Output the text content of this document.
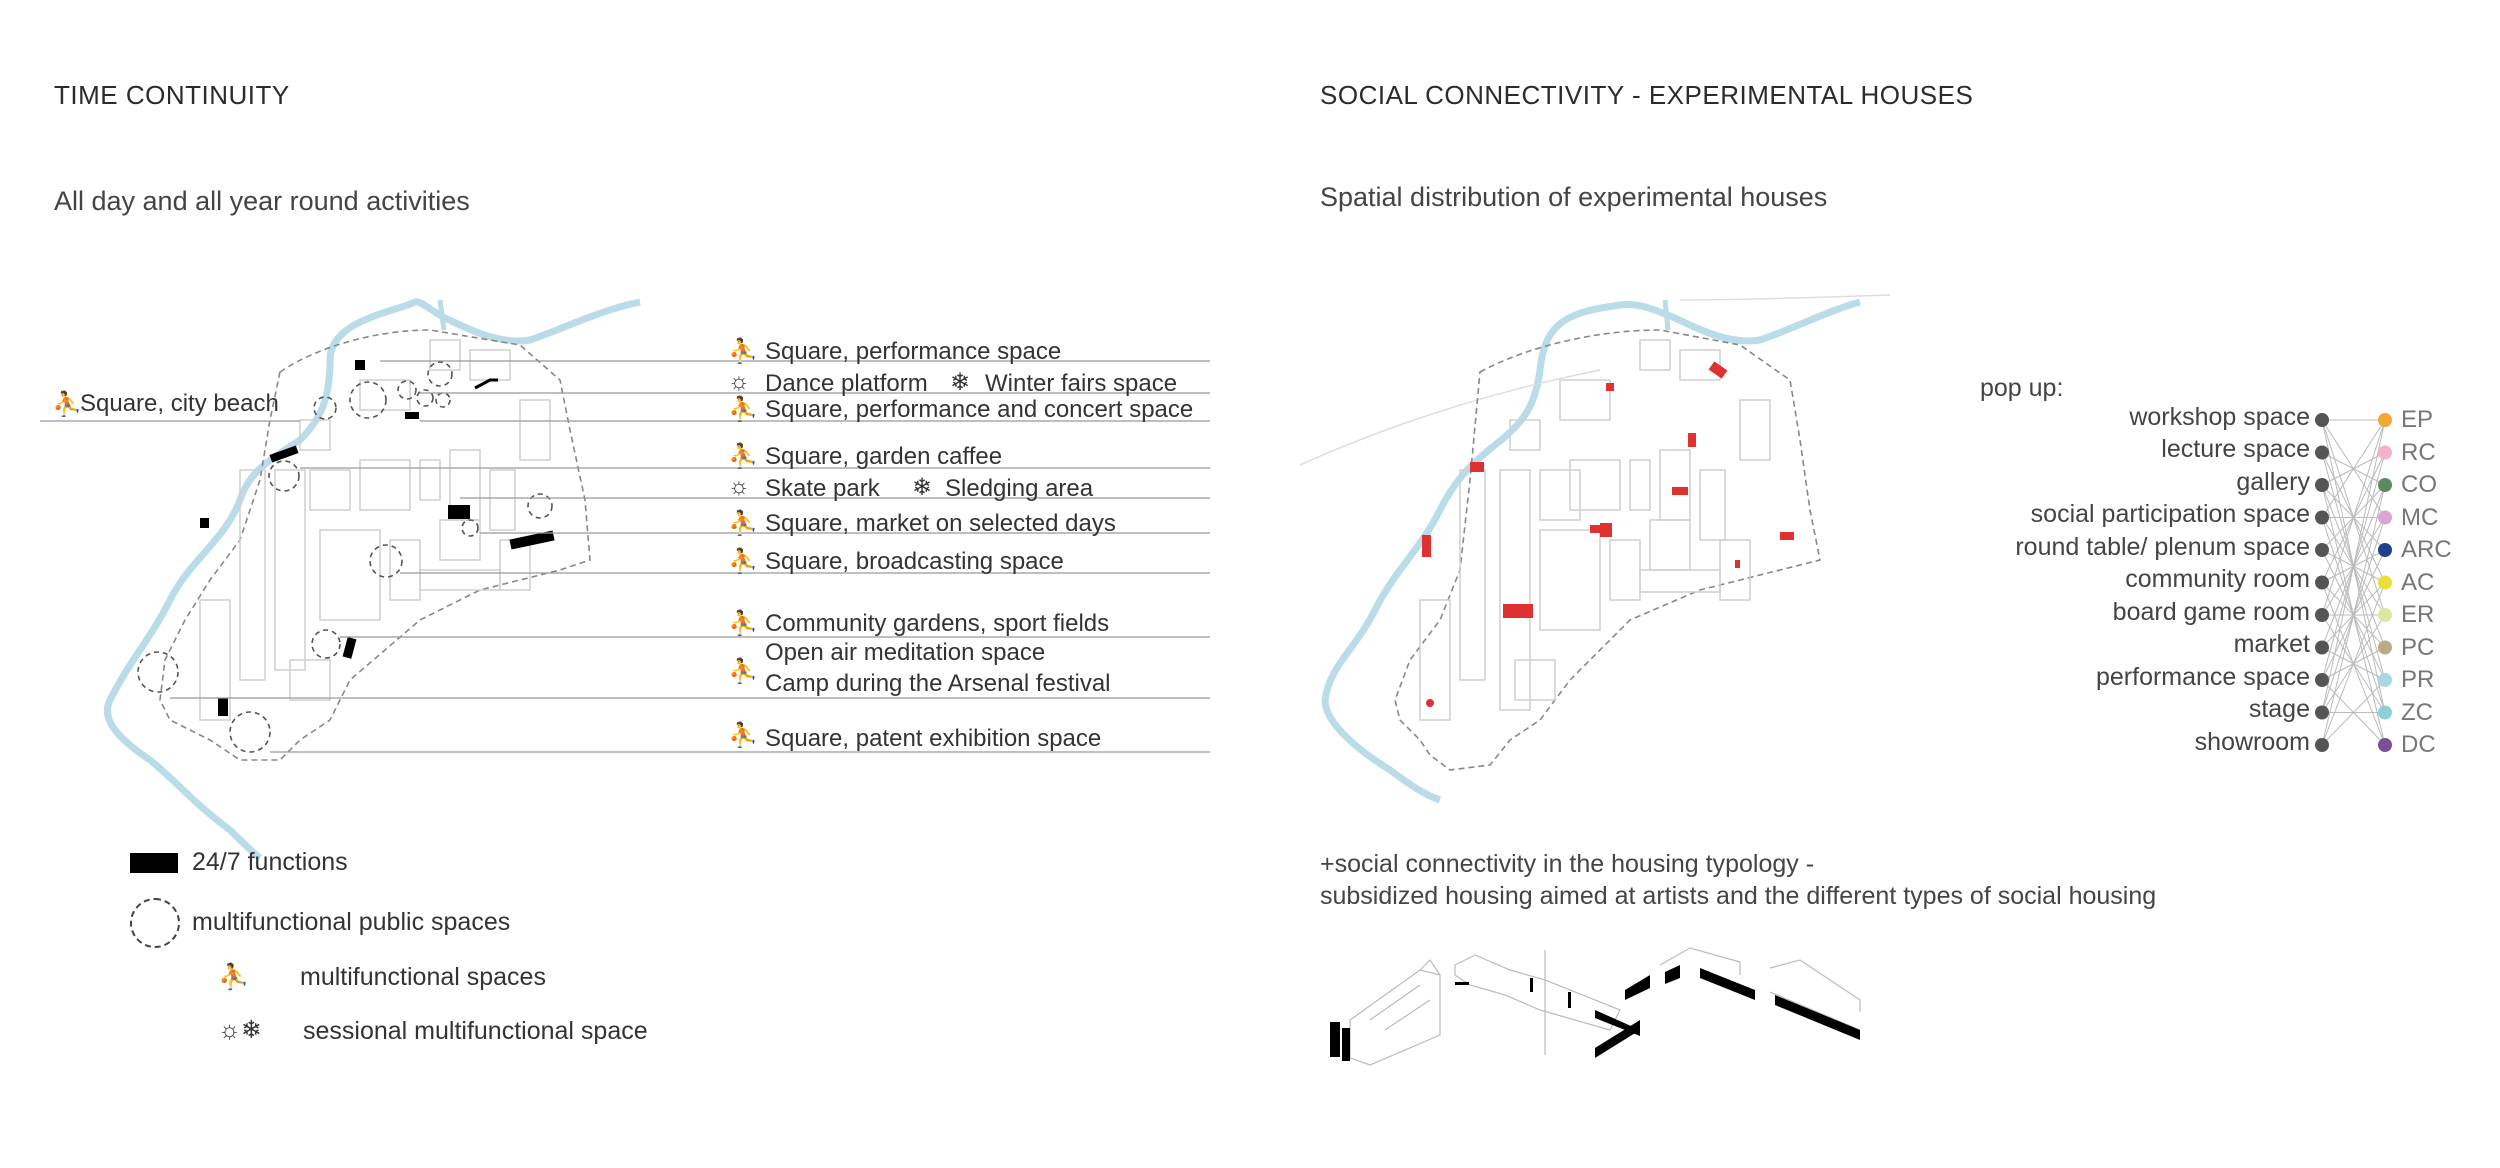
TIME CONTINUITY
All day and all year round activities
⛹
Square, city beach
⛹ Square, performance space
☼ Dance platform ❄ Winter fairs space
⛹ Square, performance and concert space
⛹ Square, garden caffee
☼ Skate park ❄ Sledging area
⛹ Square, market on selected days
⛹ Square, broadcasting space
⛹ Community gardens, sport fields
⛹
Open air meditation space
Camp during the Arsenal festival
⛹ Square, patent exhibition space
24/7 functions
multifunctional public spaces
⛹ multifunctional spaces
☼❄ sessional multifunctional space
SOCIAL CONNECTIVITY - EXPERIMENTAL HOUSES
Spatial distribution of experimental houses
pop up:
workshop space
lecture space
gallery
social participation space
round table/ plenum space
community room
board game room
market
performance space
stage
showroom
EP
RC
CO
MC
ARC
AC
ER
PC
PR
ZC
DC
+social connectivity in the housing typology -
subsidized housing aimed at artists and the different types of social housing
